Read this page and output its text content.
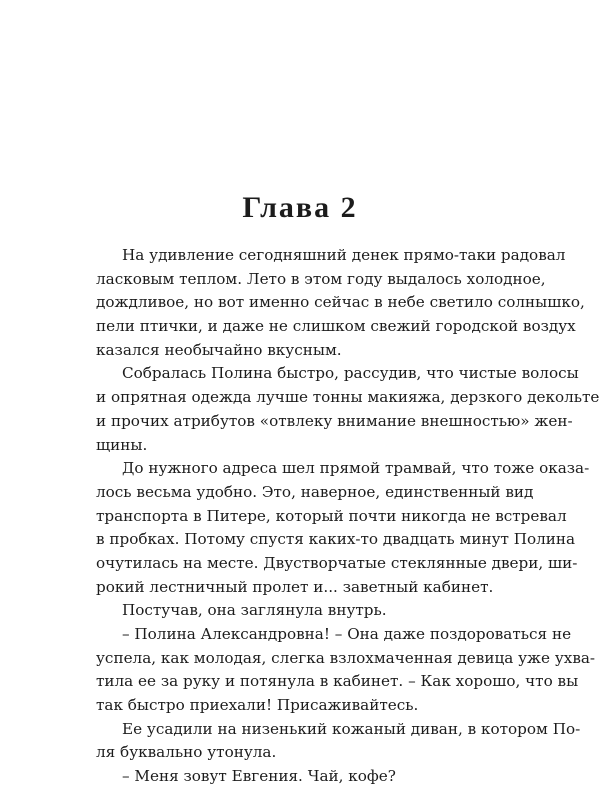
Глава 2
На удивление сегодняшний денек прямо-таки радовал
ласковым теплом. Лето в этом году выдалось холодное,
дождливое, но вот именно сейчас в небе светило солнышко,
пели птички, и даже не слишком свежий городской воздух
казался необычайно вкусным.
Собралась Полина быстро, рассудив, что чистые волосы
и опрятная одежда лучше тонны макияжа, дерзкого декольте
и прочих атрибутов «отвлеку внимание внешностью» жен-
щины.
До нужного адреса шел прямой трамвай, что тоже оказа-
лось весьма удобно. Это, наверное, единственный вид
транспорта в Питере, который почти никогда не встревал
в пробках. Потому спустя каких-то двадцать минут Полина
очутилась на месте. Двустворчатые стеклянные двери, ши-
рокий лестничный пролет и... заветный кабинет.
Постучав, она заглянула внутрь.
– Полина Александровна! – Она даже поздороваться не
успела, как молодая, слегка взлохмаченная девица уже ухва-
тила ее за руку и потянула в кабинет. – Как хорошо, что вы
так быстро приехали! Присаживайтесь.
Ее усадили на низенький кожаный диван, в котором По-
ля буквально утонула.
– Меня зовут Евгения. Чай, кофе?
